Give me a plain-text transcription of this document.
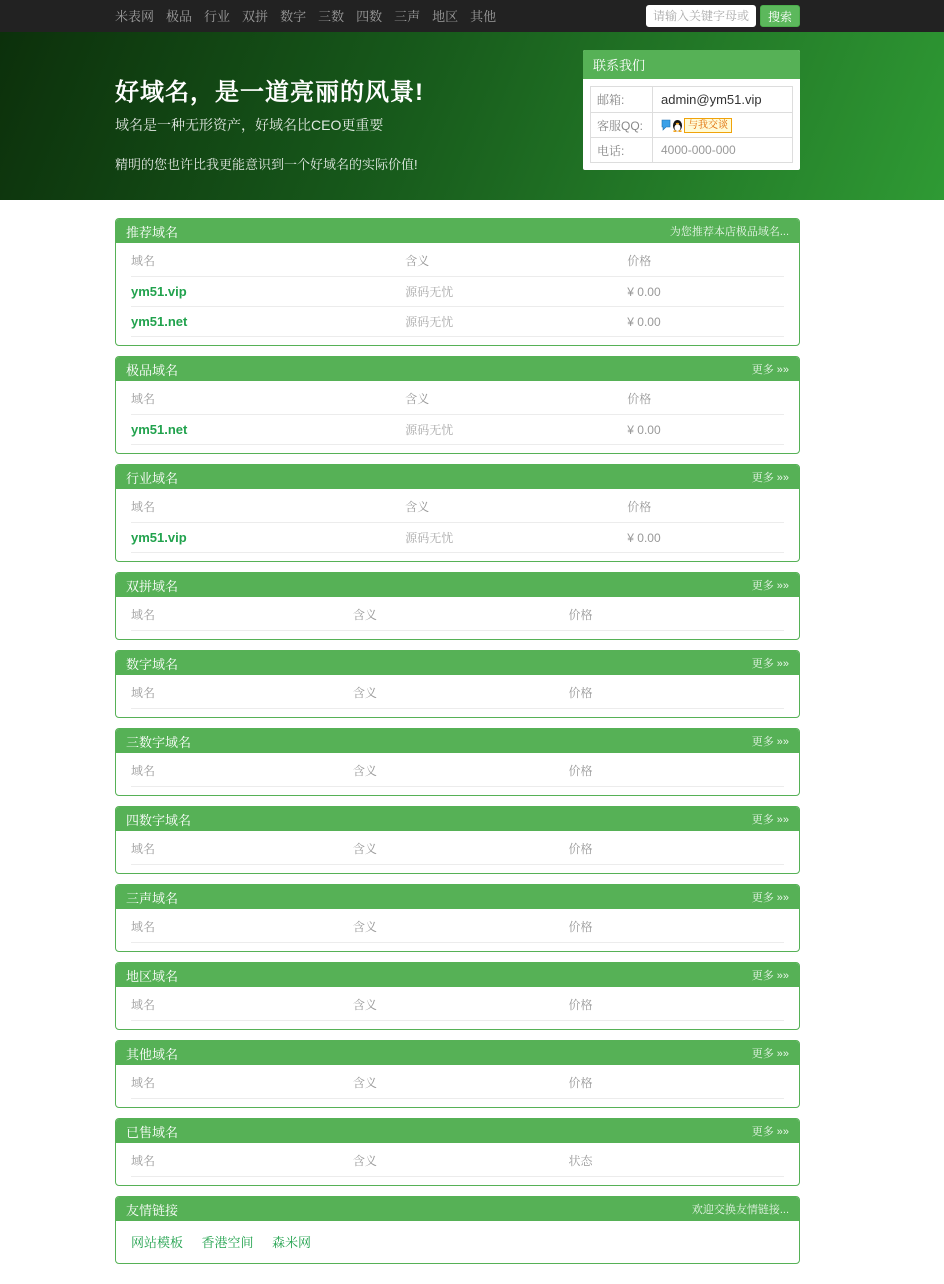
米表网 极品 行业 双拼 数字 三数 四数 三声 地区 其他
请输入关键字母或数字	搜索
好域名，是一道亮丽的风景!

域名是一种无形资产，好域名比CEO更重要

精明的您也许比我更能意识到一个好域名的实际价值!

联系我们
邮箱:	admin@ym51.vip
客服QQ:	与我交谈
电话:	4000-000-000
推荐域名	为您推荐本店极品域名...
域名	含义	价格
ym51.vip	源码无忧	¥ 0.00
ym51.net	源码无忧	¥ 0.00
极品域名	更多 »»
域名	含义	价格
ym51.net	源码无忧	¥ 0.00
行业域名	更多 »»
域名	含义	价格
ym51.vip	源码无忧	¥ 0.00
双拼域名	更多 »»
域名	含义	价格
数字域名	更多 »»
域名	含义	价格
三数字域名	更多 »»
域名	含义	价格
四数字域名	更多 »»
域名	含义	价格
三声域名	更多 »»
域名	含义	价格
地区域名	更多 »»
域名	含义	价格
其他域名	更多 »»
域名	含义	价格
已售域名	更多 »»
域名	含义	状态
友情链接	欢迎交换友情链接...
网站模板 香港空间 森米网
